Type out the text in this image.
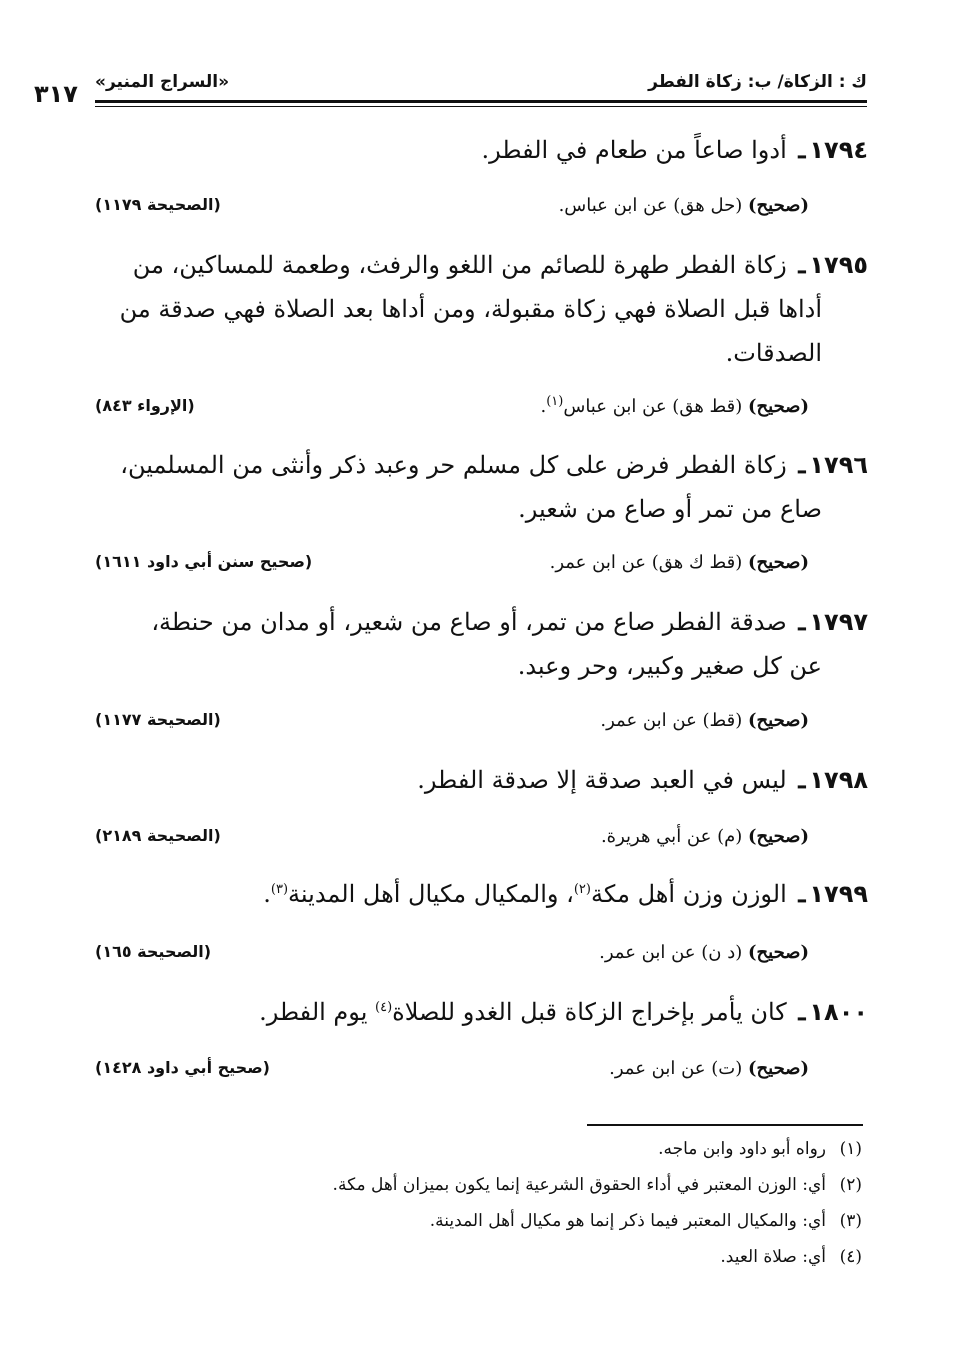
ك : الزكاة/ ب: زكاة الفطر
«السراج المنير»
٣١٧
١٧٩٤ـ أدوا صاعاً من طعام في الفطر.
(صحيح) (حل هق) عن ابن عباس.
(الصحيحة ١١٧٩)
١٧٩٥ـ زكاة الفطر طهرة للصائم من اللغو والرفث، وطعمة للمساكين، من
أداها قبل الصلاة فهي زكاة مقبولة، ومن أداها بعد الصلاة فهي صدقة من
الصدقات.
(صحيح) (قط هق) عن ابن عباس$^{(١)}$.
(الإرواء ٨٤٣)
١٧٩٦ـ زكاة الفطر فرض على كل مسلم حر وعبد ذكر وأنثى من المسلمين،
صاع من تمر أو صاع من شعير.
(صحيح) (قط ك هق) عن ابن عمر.
(صحيح سنن أبي داود ١٦١١)
١٧٩٧ـ صدقة الفطر صاع من تمر، أو صاع من شعير، أو مدان من حنطة،
عن كل صغير وكبير، وحر وعبد.
(صحيح) (قط) عن ابن عمر.
(الصحيحة ١١٧٧)
١٧٩٨ـ ليس في العبد صدقة إلا صدقة الفطر.
(صحيح) (م) عن أبي هريرة.
(الصحيحة ٢١٨٩)
١٧٩٩ـ الوزن وزن أهل مكة$^{(٢)}$، والمكيال مكيال أهل المدينة$^{(٣)}$.
(صحيح) (د ن) عن ابن عمر.
(الصحيحة ١٦٥)
١٨٠٠ـ كان يأمر بإخراج الزكاة قبل الغدو للصلاة$^{(٤)}$ يوم الفطر.
(صحيح) (ت) عن ابن عمر.
(صحيح أبي داود ١٤٢٨)
(١)رواه أبو داود وابن ماجه.
(٢)أي: الوزن المعتبر في أداء الحقوق الشرعية إنما يكون بميزان أهل مكة.
(٣)أي: والمكيال المعتبر فيما ذكر إنما هو مكيال أهل المدينة.
(٤)أي: صلاة العيد.
